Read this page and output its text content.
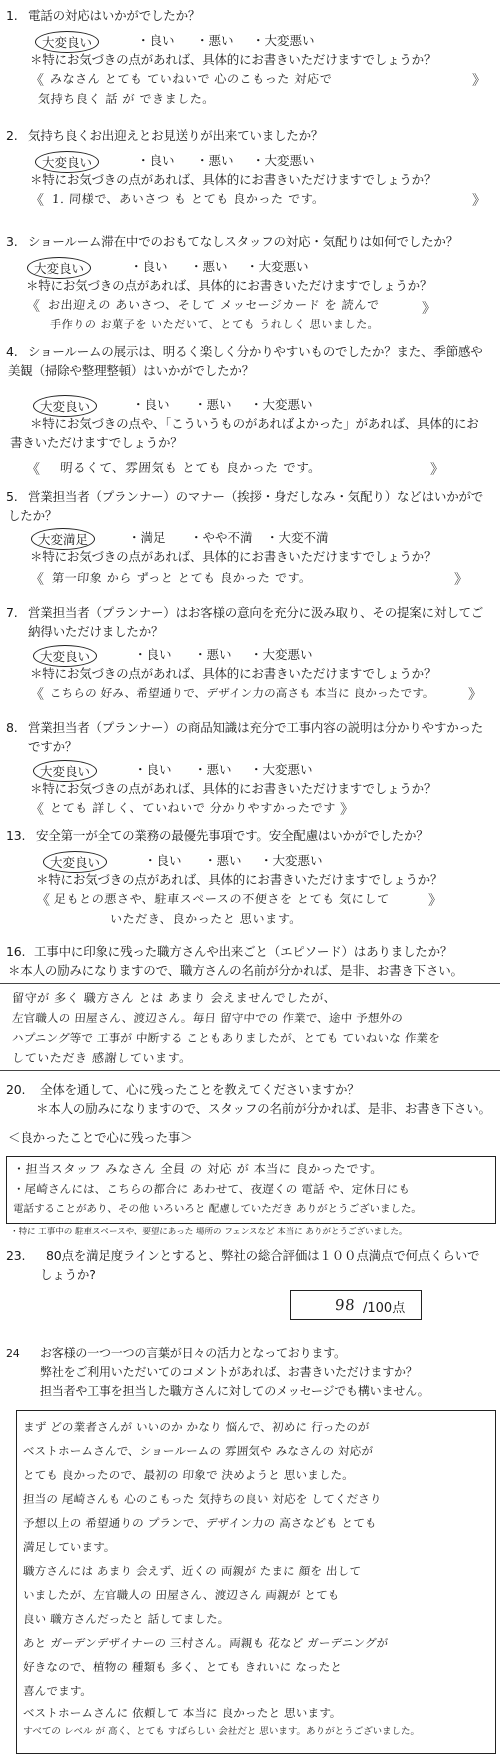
1. 電話の対応はいかがでしたか？
大変良い	・良い ・悪い ・大変悪い
＊特にお気づきの点があれば、具体的にお書きいただけますでしょうか？
《 みなさん とても ていねいで 心のこもった 対応で	》
気持ち良く 話 が できました。
2. 気持ち良くお出迎えとお見送りが出来ていましたか？
大変良い	・良い ・悪い ・大変悪い
＊特にお気づきの点があれば、具体的にお書きいただけますでしょうか？
《 1. 同様で、あいさつ も とても 良かった です。	》
3. ショールーム滞在中でのおもてなしスタッフの対応・気配りは如何でしたか？
大変良い	・良い ・悪い ・大変悪い
＊特にお気づきの点があれば、具体的にお書きいただけますでしょうか？
《 お出迎えの あいさつ、そして メッセージカード を 読んで	》
手作りの お菓子を いただいて、とても うれしく 思いました。
4. ショールームの展示は、明るく楽しく分かりやすいものでしたか？また、季節感や
美観（掃除や整理整頓）はいかがでしたか？
大変良い	・良い ・悪い ・大変悪い
＊特にお気づきの点や、「こういうものがあればよかった」があれば、具体的にお
書きいただけますでしょうか？
《 明るくて、雰囲気も とても 良かった です。	》
5. 営業担当者（プランナー）のマナー（挨拶・身だしなみ・気配り）などはいかがで
したか？
大変満足	・満足 ・やや不満 ・大変不満
＊特にお気づきの点があれば、具体的にお書きいただけますでしょうか？
《 第一印象 から ずっと とても 良かった です。	》
7. 営業担当者（プランナー）はお客様の意向を充分に汲み取り、その提案に対してご
納得いただけましたか？
大変良い	・良い ・悪い ・大変悪い
＊特にお気づきの点があれば、具体的にお書きいただけますでしょうか？
《 こちらの 好み、希望通りで、デザイン力の高さも 本当に 良かったです。 》
8. 営業担当者（プランナー）の商品知識は充分で工事内容の説明は分かりやすかった
ですか？
大変良い	・良い ・悪い ・大変悪い
＊特にお気づきの点があれば、具体的にお書きいただけますでしょうか？
《 とても 詳しく、ていねいで 分かりやすかったです 》
13. 安全第一が全ての業務の最優先事項です。安全配慮はいかがでしたか？
大変良い	・良い ・悪い ・大変悪い
＊特にお気づきの点があれば、具体的にお書きいただけますでしょうか？
《 足もとの悪さや、駐車スペースの不便さを とても 気にして
いただき、良かったと 思います。
》
16. 工事中に印象に残った職方さんや出来ごと（エピソード）はありましたか？
＊本人の励みになりますので、職方さんの名前が分かれば、是非、お書き下さい。
留守が 多く 職方さん とは あまり 会えませんでしたが、
左官職人の 田屋さん、渡辺さん。毎日 留守中での 作業で、途中 予想外の
ハプニング等で 工事が 中断する こともありましたが、とても ていねいな 作業を
していただき 感謝しています。
20. 全体を通して、心に残ったことを教えてくださいますか？
＊本人の励みになりますので、スタッフの名前が分かれば、是非、お書き下さい。
＜良かったことで心に残った事＞
・担当スタッフ みなさん 全員 の 対応 が 本当に 良かったです。
・尾崎さんには、こちらの都合に あわせて、夜遅くの 電話 や、定休日にも
電話することがあり、その他 いろいろと 配慮していただき ありがとうございました。
・特に 工事中の 駐車スペースや、要望にあった 場所の フェンスなど 本当に ありがとうございました。
23. 80点を満足度ラインとすると、弊社の総合評価は１００点満点で何点くらいで
しょうか?
98 /100点
24	お客様の一つ一つの言葉が日々の活力となっております。
弊社をご利用いただいてのコメントがあれば、お書きいただけますか？
担当者や工事を担当した職方さんに対してのメッセージでも構いません。
まず どの業者さんが いいのか かなり 悩んで、初めに 行ったのが
ベストホームさんで、ショールームの 雰囲気や みなさんの 対応が
とても 良かったので、最初の 印象で 決めようと 思いました。
担当の 尾崎さんも 心のこもった 気持ちの良い 対応を してくださり
予想以上の 希望通りの プランで、デザイン力の 高さなども とても
満足しています。
職方さんには あまり 会えず、近くの 両親が たまに 顔を 出して
いましたが、左官職人の 田屋さん、渡辺さん 両親が とても
良い 職方さんだったと 話してました。
あと ガーデンデザイナーの 三村さん。両親も 花など ガーデニングが
好きなので、植物の 種類も 多く、とても きれいに なったと
喜んでます。
ベストホームさんに 依頼して 本当に 良かったと 思います。
すべての レベル が 高く、とても すばらしい 会社だと 思います。ありがとうございました。
